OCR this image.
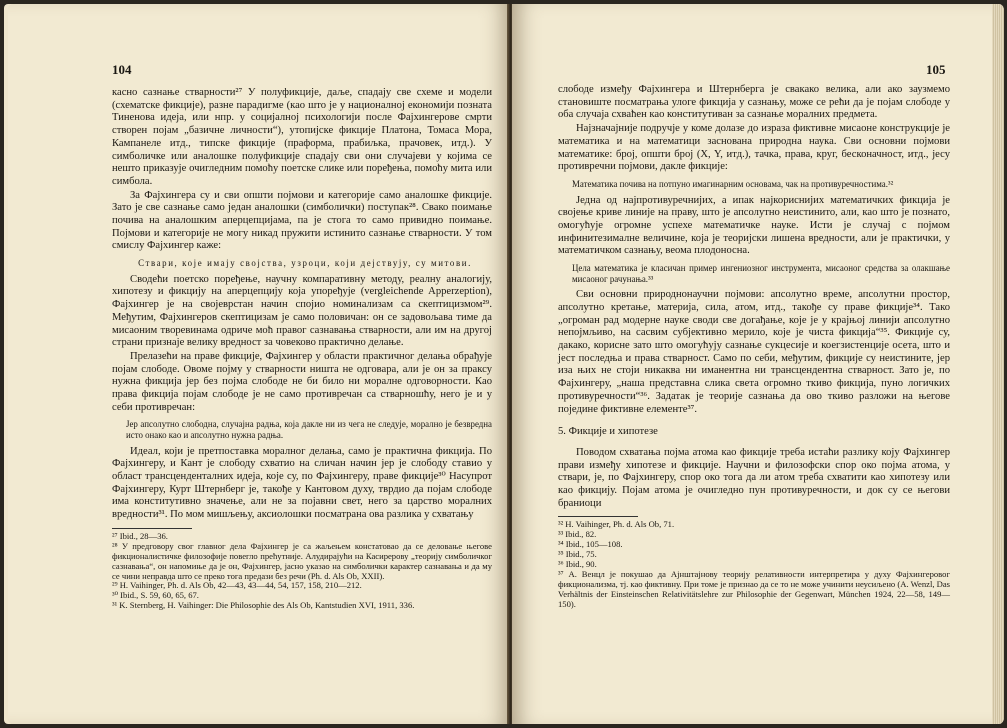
104

касно сазнање стварности²⁷ У полуфикције, даље, спадају све схеме и модели (схематске фикције), разне парадигме (као што је у националној економији позната Тиненова идеја, или нпр. у социјалној психологији после Фајхингерове смрти створен појам „базичне личности“), утопијске фикције Платона, Томаса Мора, Кампанеле итд., типске фикције (праформа, прабиљка, прачовек, итд.). У симболичке или аналошке полуфикције спадају сви они случајеви у којима се нешто приказује очигледним помоћу поетске слике или поређења, помоћу мита или симбола.

За Фајхингера су и сви општи појмови и категорије само аналошке фикције. Зато је све сазнање само један аналошки (симболички) поступак²⁸. Свако поимање почива на аналошким аперцепцијама, па је стога то само привидно поимање. Појмови и категорије не могу никад пружити истинито сазнање стварности. У том смислу Фајхингер каже:

Ствари, које имају својства, узроци, који дејствују, су митови.

Сводећи поетско поређење, научну компаративну методу, реалну аналогију, хипотезу и фикцију на аперцепцију која упоређује (vergleichende Apperzeption), Фајхингер је на својеврстан начин спојио номинализам са скептицизмом²⁹. Међутим, Фајхингеров скептицизам је само половичан: он се задовољава тиме да мисаоним творевинама одриче моћ правог сазнавања стварности, али им на другој страни признаје велику вредност за човеково практично делање.

Прелазећи на праве фикције, Фајхингер у области практичног делања обрађује појам слободе. Овоме појму у стварности ништа не одговара, али је он за праксу нужна фикција јер без појма слободе не би било ни моралне одговорности. Као права фикција појам слободе је не само противречан са стварношћу, него је и у себи противречан:

Јер апсолутно слободна, случајна радња, која дакле ни из чега не следује, морално је безвредна исто онако као и апсолутно нужна радња.

Идеал, који је претпоставка моралног делања, само је практична фикција. По Фајхингеру, и Кант је слободу схватио на сличан начин јер је слободу ставио у област трансценденталних идеја, које су, по Фајхингеру, праве фикције³⁰ Насупрот Фајхингеру, Курт Штернберг је, такође у Кантовом духу, тврдио да појам слободе има конститутивно значење, али не за појавни свет, него за царство моралних вредности³¹. По мом мишљењу, аксиолошки посматрана ова разлика у схватању

²⁷ Ibid., 28—36.

²⁸ У предговору свог главног дела Фајхингер је са жаљењем констатовао да се деловање његове фикционалистичке филозофије повегло прећутније. Алудирајући на Касирерову „теорију симболичког сазнавања“, он напомиње да је он, Фајхингер, јасно указао на симболички карактер сазнавања и да му се чини неправда што се преко тога предази без речи (Ph. d. Als Ob, XXII).

²⁹ H. Vaihinger, Ph. d. Als Ob, 42—43, 43—44, 54, 157, 158, 210—212.

³⁰ Ibid., S. 59, 60, 65, 67.

³¹ K. Sternberg, H. Vaihinger: Die Philosophie des Als Ob, Kantstudien XVI, 1911, 336.

105

слободе између Фајхингера и Штернберга је свакако велика, али ако заузмемо становиште посматрања улоге фикција у сазнању, може се рећи да је појам слободе у оба случаја схваћен као конститутиван за сазнање моралних предмета.

Најзначајније подручје у коме долазе до израза фиктивне мисаоне конструкције је математика и на математици заснована природна наука. Сви основни појмови математике: број, општи број (X, Y, итд.), тачка, права, круг, бесконачност, итд., јесу противречни појмови, дакле фикције:

Математика почива на потпуно имагинарним основама, чак на противуречностима.³²

Једна од најпротивуречнијих, а ипак најкориснијих математичких фикција је својење криве линије на праву, што је апсолутно неистинито, али, као што је познато, омогућује огромне успехе математичке науке. Исти је случај с појмом инфинитезималне величине, која је теоријски лишена вредности, али је практички, у математичком сазнању, веома плодоносна.

Цела математика је класичан пример ингениозног инструмента, мисаоног средства за олакшање мисаоног рачунања.³³

Сви основни природнонаучни појмови: апсолутно време, апсолутни простор, апсолутно кретање, материја, сила, атом, итд., такође су праве фикције³⁴. Тако „огроман рад модерне науке своди све догађање, које је у крајњој линији апсолутно непојмљиво, на сасвим субјективно мерило, које је чиста фикција“³⁵. Фикције су, дакако, корисне зато што омогућују сазнање сукцесије и коегзистенције осета, што и јест последња и права стварност. Само по себи, међутим, фикције су неистините, јер иза њих не стоји никаква ни иманентна ни трансцендентна стварност. Зато је, по Фајхингеру, „наша представна слика света огромно ткиво фикција, пуно логичких противуречности“³⁶. Задатак је теорије сазнања да ово ткиво разложи на његове поједине фиктивне елементе³⁷.

5. Фикције и хипотезе

Поводом схватања појма атома као фикције треба истаћи разлику коју Фајхингер прави између хипотезе и фикције. Научни и филозофски спор око појма атома, у ствари, је, по Фајхингеру, спор око тога да ли атом треба схватити као хипотезу или као фикцију. Појам атома је очигледно пун противуречности, и док су се његови браниоци

³² H. Vaihinger, Ph. d. Als Ob, 71.

³³ Ibid., 82.

³⁴ Ibid., 105—108.

³⁵ Ibid., 75.

³⁶ Ibid., 90.

³⁷ А. Венцл је покушао да Ајнштајнову теорију релативности интерпретира у духу Фајхингеровог фикционализма, тј. као фиктивну. При томе је признао да се то не може учинити неусиљено (A. Wenzl, Das Verhältnis der Einsteinschen Relativitätslehre zur Philosophie der Gegenwart, München 1924, 22—58, 149—150).
